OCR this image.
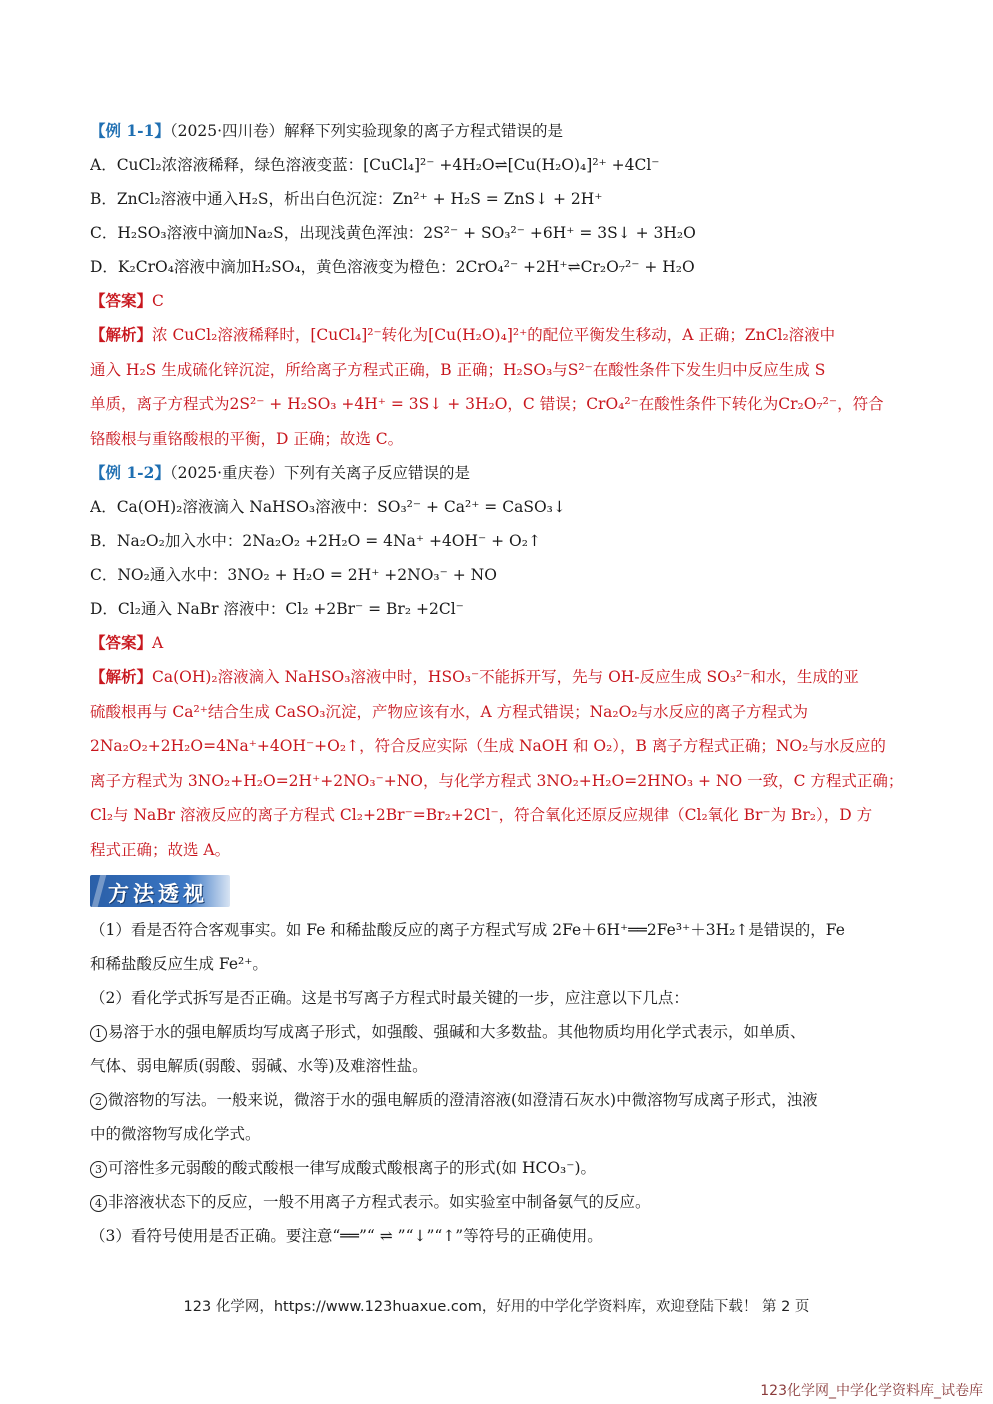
【例 1-1】（2025·四川卷）解释下列实验现象的离子方程式错误的是
A．CuCl₂浓溶液稀释，绿色溶液变蓝：[CuCl₄]²⁻ +4H₂O⇌[Cu(H₂O)₄]²⁺ +4Cl⁻
B．ZnCl₂溶液中通入H₂S，析出白色沉淀：Zn²⁺ + H₂S = ZnS↓ + 2H⁺
C．H₂SO₃溶液中滴加Na₂S，出现浅黄色浑浊：2S²⁻ + SO₃²⁻ +6H⁺ = 3S↓ + 3H₂O
D．K₂CrO₄溶液中滴加H₂SO₄，黄色溶液变为橙色：2CrO₄²⁻ +2H⁺⇌Cr₂O₇²⁻ + H₂O
【答案】C
【解析】浓 CuCl₂溶液稀释时，[CuCl₄]²⁻转化为[Cu(H₂O)₄]²⁺的配位平衡发生移动，A 正确；ZnCl₂溶液中
通入 H₂S 生成硫化锌沉淀，所给离子方程式正确，B 正确；H₂SO₃与S²⁻在酸性条件下发生归中反应生成 S
单质，离子方程式为2S²⁻ + H₂SO₃ +4H⁺ = 3S↓ + 3H₂O，C 错误；CrO₄²⁻在酸性条件下转化为Cr₂O₇²⁻，符合
铬酸根与重铬酸根的平衡，D 正确；故选 C。
【例 1-2】（2025·重庆卷）下列有关离子反应错误的是
A．Ca(OH)₂溶液滴入 NaHSO₃溶液中：SO₃²⁻ + Ca²⁺ = CaSO₃↓
B．Na₂O₂加入水中：2Na₂O₂ +2H₂O = 4Na⁺ +4OH⁻ + O₂↑
C．NO₂通入水中：3NO₂ + H₂O = 2H⁺ +2NO₃⁻ + NO
D．Cl₂通入 NaBr 溶液中：Cl₂ +2Br⁻ = Br₂ +2Cl⁻
【答案】A
【解析】Ca(OH)₂溶液滴入 NaHSO₃溶液中时，HSO₃⁻不能拆开写，先与 OH-反应生成 SO₃²⁻和水，生成的亚
硫酸根再与 Ca²⁺结合生成 CaSO₃沉淀，产物应该有水，A 方程式错误；Na₂O₂与水反应的离子方程式为
2Na₂O₂+2H₂O=4Na⁺+4OH⁻+O₂↑，符合反应实际（生成 NaOH 和 O₂），B 离子方程式正确；NO₂与水反应的
离子方程式为 3NO₂+H₂O=2H⁺+2NO₃⁻+NO，与化学方程式 3NO₂+H₂O=2HNO₃ + NO 一致，C 方程式正确；
Cl₂与 NaBr 溶液反应的离子方程式 Cl₂+2Br⁻=Br₂+2Cl⁻，符合氧化还原反应规律（Cl₂氧化 Br⁻为 Br₂），D 方
程式正确；故选 A。
方法透视
（1）看是否符合客观事实。如 Fe 和稀盐酸反应的离子方程式写成 2Fe＋6H⁺══2Fe³⁺＋3H₂↑是错误的，Fe
和稀盐酸反应生成 Fe²⁺。
（2）看化学式拆写是否正确。这是书写离子方程式时最关键的一步，应注意以下几点：
1 易溶于水的强电解质均写成离子形式，如强酸、强碱和大多数盐。其他物质均用化学式表示，如单质、
气体、弱电解质(弱酸、弱碱、水等)及难溶性盐。
2 微溶物的写法。一般来说，微溶于水的强电解质的澄清溶液(如澄清石灰水)中微溶物写成离子形式，浊液
中的微溶物写成化学式。
3 可溶性多元弱酸的酸式酸根一律写成酸式酸根离子的形式(如 HCO₃⁻)。
4 非溶液状态下的反应，一般不用离子方程式表示。如实验室中制备氨气的反应。
（3）看符号使用是否正确。要注意“══”“ ⇌ ”“↓”“↑”等符号的正确使用。
123 化学网，https://www.123huaxue.com，好用的中学化学资料库，欢迎登陆下载！ 第 2 页
123化学网_中学化学资料库_试卷库
